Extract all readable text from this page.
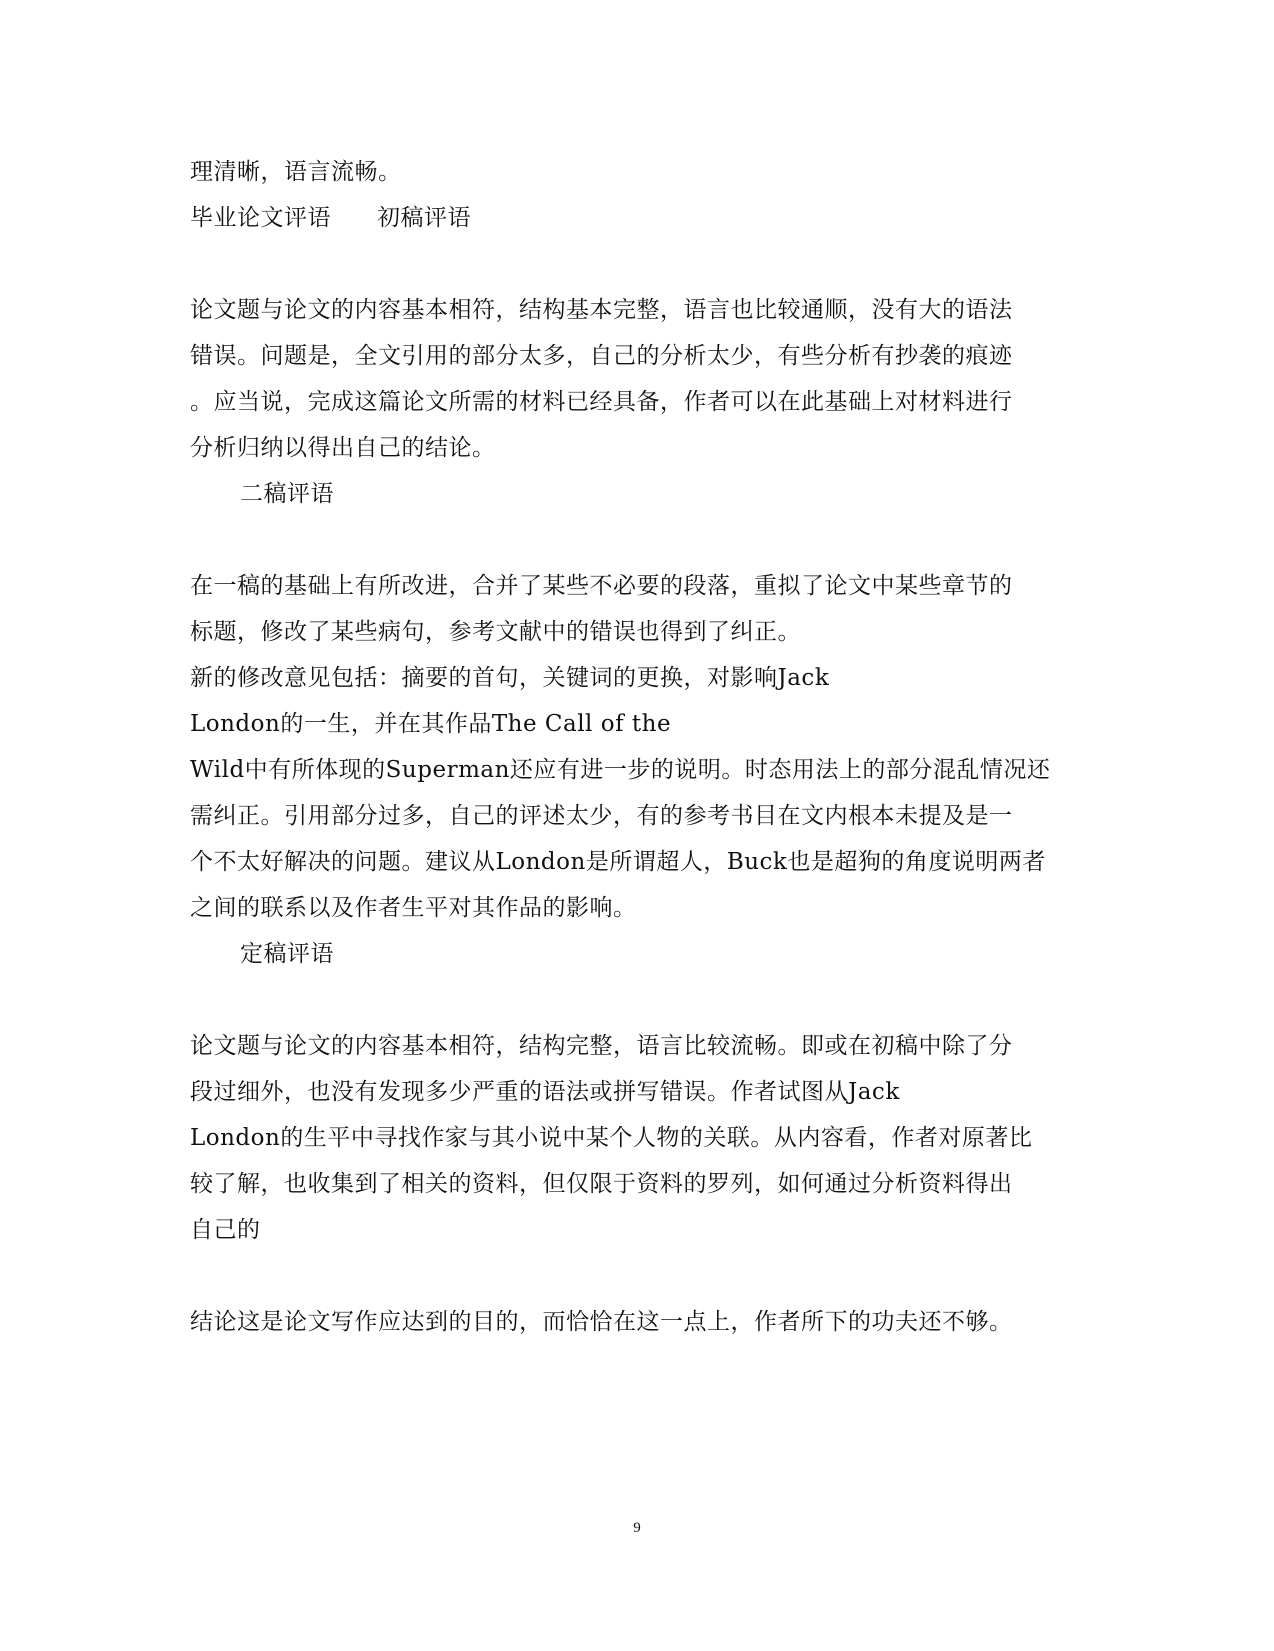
理清晰，语言流畅。
毕业论文评语 初稿评语
论文题与论文的内容基本相符，结构基本完整，语言也比较通顺，没有大的语法
错误。问题是，全文引用的部分太多，自己的分析太少，有些分析有抄袭的痕迹
。应当说，完成这篇论文所需的材料已经具备，作者可以在此基础上对材料进行
分析归纳以得出自己的结论。
二稿评语
在一稿的基础上有所改进，合并了某些不必要的段落，重拟了论文中某些章节的
标题，修改了某些病句，参考文献中的错误也得到了纠正。
新的修改意见包括：摘要的首句，关键词的更换，对影响Jack
London的一生，并在其作品The Call of the
Wild中有所体现的Superman还应有进一步的说明。时态用法上的部分混乱情况还
需纠正。引用部分过多，自己的评述太少，有的参考书目在文内根本未提及是一
个不太好解决的问题。建议从London是所谓超人，Buck也是超狗的角度说明两者
之间的联系以及作者生平对其作品的影响。
定稿评语
论文题与论文的内容基本相符，结构完整，语言比较流畅。即或在初稿中除了分
段过细外，也没有发现多少严重的语法或拼写错误。作者试图从Jack
London的生平中寻找作家与其小说中某个人物的关联。从内容看，作者对原著比
较了解，也收集到了相关的资料，但仅限于资料的罗列，如何通过分析资料得出
自己的
结论这是论文写作应达到的目的，而恰恰在这一点上，作者所下的功夫还不够。
9
